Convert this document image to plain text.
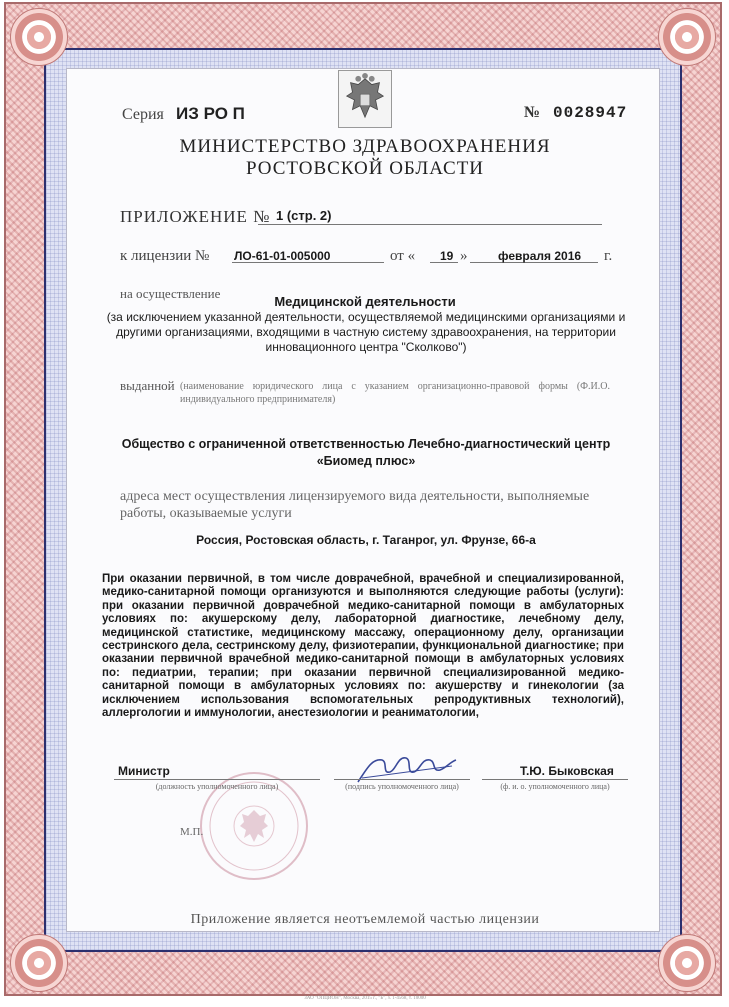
Серия ИЗ РО П	№ 0028947
МИНИСТЕРСТВО ЗДРАВООХРАНЕНИЯ
РОСТОВСКОЙ ОБЛАСТИ
ПРИЛОЖЕНИЕ № 1 (стр. 2)
к лицензии № ЛО-61-01-005000	от « 19 »	февраля 2016 г.
на осуществление
Медицинской деятельности
(за исключением указанной деятельности, осуществляемой медицинскими организациями и другими организациями, входящими в частную систему здравоохранения, на территории инновационного центра "Сколково")
выданной (наименование юридического лица с указанием организационно-правовой формы (Ф.И.О. индивидуального предпринимателя)
Общество с ограниченной ответственностью Лечебно-диагностический центр
«Биомед плюс»
адреса мест осуществления лицензируемого вида деятельности, выполняемые работы, оказываемые услуги
Россия, Ростовская область, г. Таганрог, ул. Фрунзе, 66-а
При оказании первичной, в том числе доврачебной, врачебной и специализированной, медико-санитарной помощи организуются и выполняются следующие работы (услуги): при оказании первичной доврачебной медико-санитарной помощи в амбулаторных условиях по: акушерскому делу, лабораторной диагностике, лечебному делу, медицинской статистике, медицинскому массажу, операционному делу, организации сестринского дела, сестринскому делу, физиотерапии, функциональной диагностике; при оказании первичной врачебной медико-санитарной помощи в амбулаторных условиях по: педиатрии, терапии; при оказании первичной специализированной медико-санитарной помощи в амбулаторных условиях по: акушерству и гинекологии (за исключением использования вспомогательных репродуктивных технологий), аллергологии и иммунологии, анестезиологии и реаниматологии,
М.П.
Министр
(должность уполномоченного лица)	(подпись уполномоченного лица)
Т.Ю. Быковская
(ф. и. о. уполномоченного лица)
Приложение является неотъемлемой частью лицензии
ЗАО "ОПЦИОН", Москва, 2015 г., "Б", з. 1-4568, т. 10000
